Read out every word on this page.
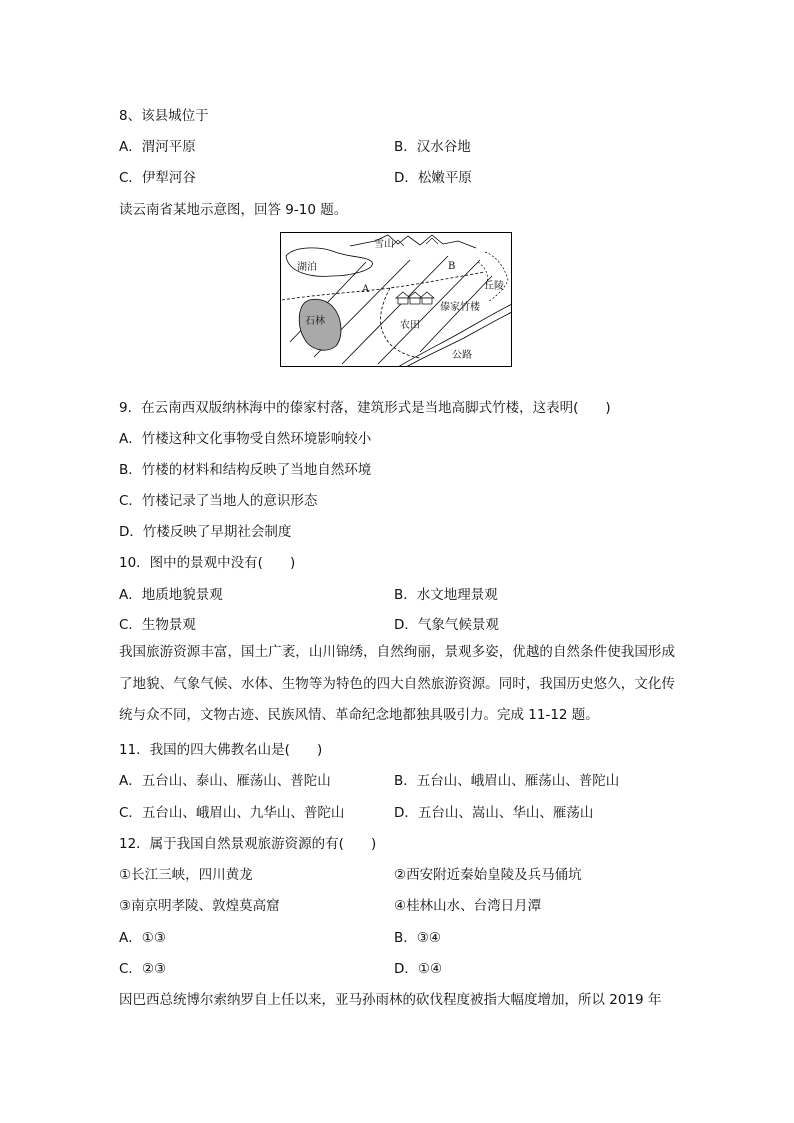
8、该县城位于
A．渭河平原	B．汉水谷地
C．伊犁河谷	D．松嫩平原
读云南省某地示意图，回答 9-10 题。
雪山
湖泊
丘陵
A
B
石林
傣家竹楼
农田
公路
9．在云南西双版纳林海中的傣家村落，建筑形式是当地高脚式竹楼，这表明(　　)
A．竹楼这种文化事物受自然环境影响较小
B．竹楼的材料和结构反映了当地自然环境
C．竹楼记录了当地人的意识形态
D．竹楼反映了早期社会制度
10．图中的景观中没有(　　)
A．地质地貌景观	B．水文地理景观
C．生物景观	D．气象气候景观
我国旅游资源丰富，国土广袤，山川锦绣，自然绚丽，景观多姿，优越的自然条件使我国形成了地貌、气象气候、水体、生物等为特色的四大自然旅游资源。同时，我国历史悠久，文化传统与众不同，文物古迹、民族风情、革命纪念地都独具吸引力。完成 11-12 题。
11．我国的四大佛教名山是(　　)
A．五台山、泰山、雁荡山、普陀山	B．五台山、峨眉山、雁荡山、普陀山
C．五台山、峨眉山、九华山、普陀山	D．五台山、嵩山、华山、雁荡山
12．属于我国自然景观旅游资源的有(　　)
①长江三峡，四川黄龙	②西安附近秦始皇陵及兵马俑坑
③南京明孝陵、敦煌莫高窟	④桂林山水、台湾日月潭
A．①③	B．③④
C．②③	D．①④
因巴西总统博尔索纳罗自上任以来，亚马孙雨林的砍伐程度被指大幅度增加，所以 2019 年
